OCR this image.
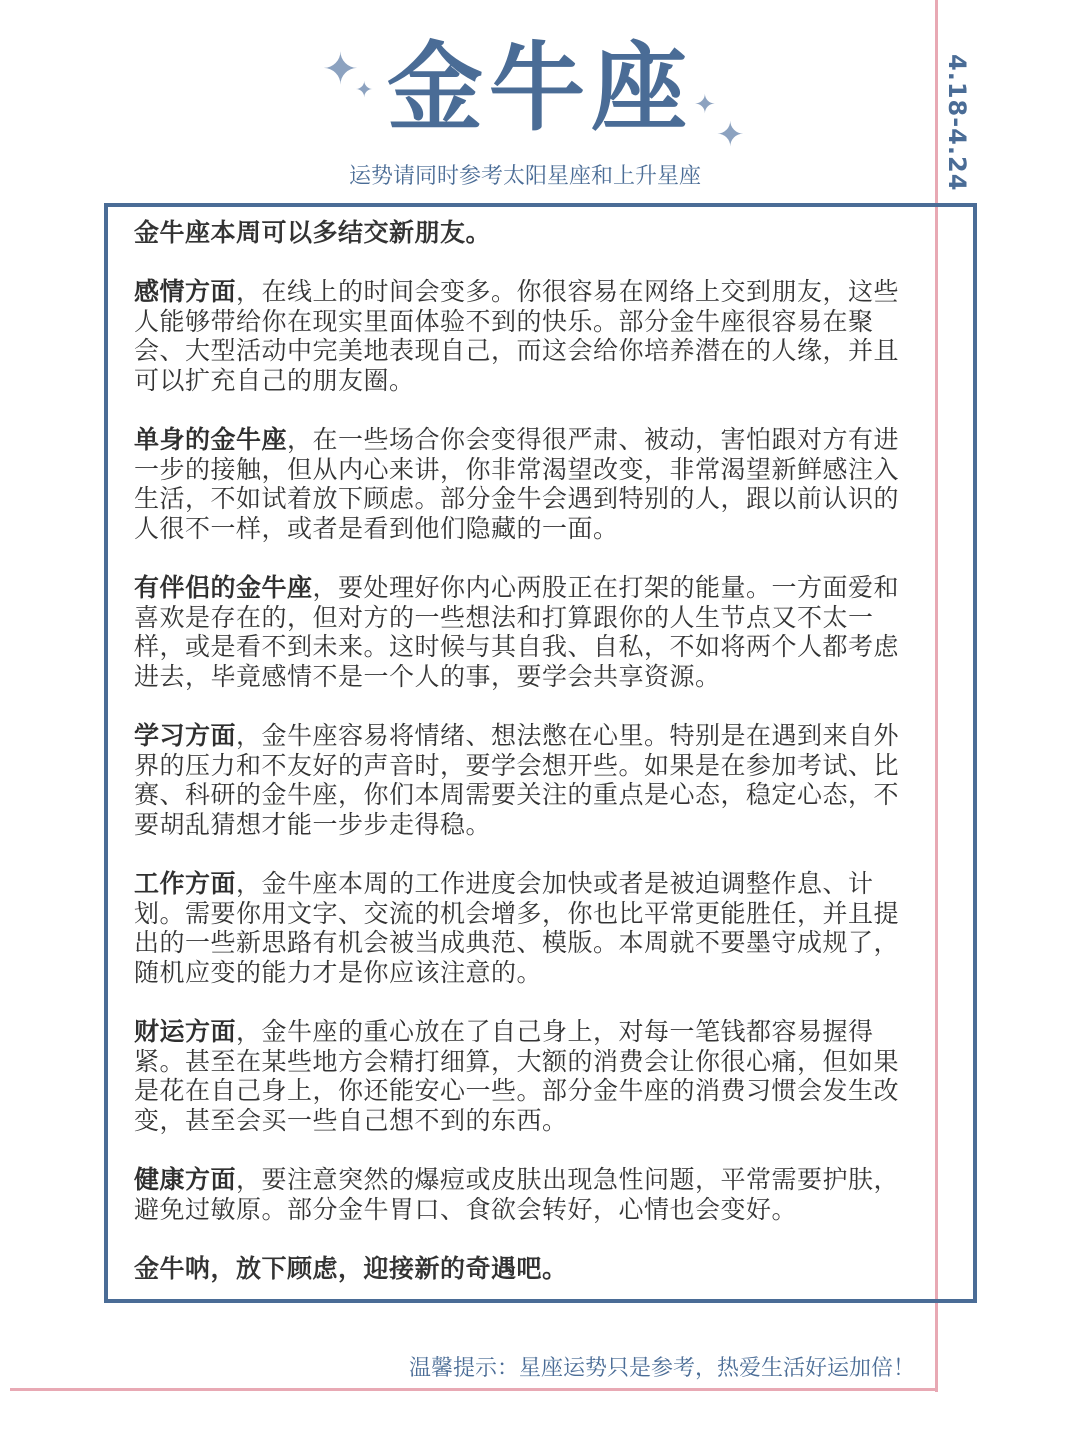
✦
✦	✦
✦
金牛座
运势请同时参考太阳星座和上升星座	4.18-4.24

金牛座本周可以多结交新朋友。

感情方面，在线上的时间会变多。你很容易在网络上交到朋友，这些人能够带给你在现实里面体验不到的快乐。部分金牛座很容易在聚会、大型活动中完美地表现自己，而这会给你培养潜在的人缘，并且可以扩充自己的朋友圈。

单身的金牛座，在一些场合你会变得很严肃、被动，害怕跟对方有进一步的接触，但从内心来讲，你非常渴望改变，非常渴望新鲜感注入生活，不如试着放下顾虑。部分金牛会遇到特别的人，跟以前认识的人很不一样，或者是看到他们隐藏的一面。

有伴侣的金牛座，要处理好你内心两股正在打架的能量。一方面爱和喜欢是存在的，但对方的一些想法和打算跟你的人生节点又不太一样，或是看不到未来。这时候与其自我、自私，不如将两个人都考虑进去，毕竟感情不是一个人的事，要学会共享资源。

学习方面，金牛座容易将情绪、想法憋在心里。特别是在遇到来自外界的压力和不友好的声音时，要学会想开些。如果是在参加考试、比赛、科研的金牛座，你们本周需要关注的重点是心态，稳定心态，不要胡乱猜想才能一步步走得稳。

工作方面，金牛座本周的工作进度会加快或者是被迫调整作息、计划。需要你用文字、交流的机会增多，你也比平常更能胜任，并且提出的一些新思路有机会被当成典范、模版。本周就不要墨守成规了，随机应变的能力才是你应该注意的。

财运方面，金牛座的重心放在了自己身上，对每一笔钱都容易握得紧。甚至在某些地方会精打细算，大额的消费会让你很心痛，但如果是花在自己身上，你还能安心一些。部分金牛座的消费习惯会发生改变，甚至会买一些自己想不到的东西。

健康方面，要注意突然的爆痘或皮肤出现急性问题，平常需要护肤，避免过敏原。部分金牛胃口、食欲会转好，心情也会变好。

金牛呐，放下顾虑，迎接新的奇遇吧。

温馨提示：星座运势只是参考，热爱生活好运加倍！
